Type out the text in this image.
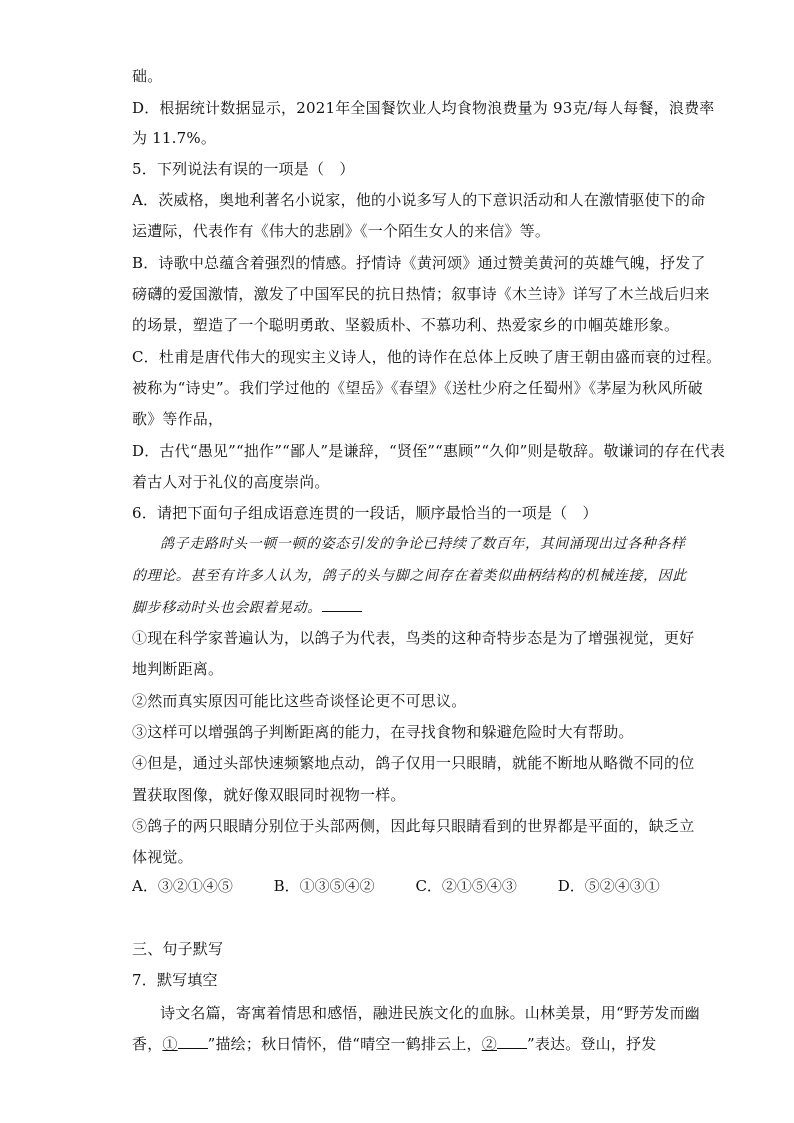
础。
D．根据统计数据显示，2021年全国餐饮业人均食物浪费量为 93克/每人每餐，浪费率
为 11.7%。
5．下列说法有误的一项是（　）
A．茨威格，奥地利著名小说家，他的小说多写人的下意识活动和人在激情驱使下的命
运遭际，代表作有《伟大的悲剧》《一个陌生女人的来信》等。
B．诗歌中总蕴含着强烈的情感。抒情诗《黄河颂》通过赞美黄河的英雄气魄，抒发了
磅礴的爱国激情，激发了中国军民的抗日热情；叙事诗《木兰诗》详写了木兰战后归来
的场景，塑造了一个聪明勇敢、坚毅质朴、不慕功利、热爱家乡的巾帼英雄形象。
C．杜甫是唐代伟大的现实主义诗人，他的诗作在总体上反映了唐王朝由盛而衰的过程。
被称为“诗史”。我们学过他的《望岳》《春望》《送杜少府之任蜀州》《茅屋为秋风所破
歌》等作品，
D．古代“愚见”“拙作”“鄙人”是谦辞，“贤侄”“惠顾”“久仰”则是敬辞。敬谦词的存在代表
着古人对于礼仪的高度崇尚。
6．请把下面句子组成语意连贯的一段话，顺序最恰当的一项是（　）
鸽子走路时头一顿一顿的姿态引发的争论已持续了数百年，其间涌现出过各种各样
的理论。甚至有许多人认为，鸽子的头与脚之间存在着类似曲柄结构的机械连接，因此
脚步移动时头也会跟着晃动。
①现在科学家普遍认为，以鸽子为代表，鸟类的这种奇特步态是为了增强视觉，更好
地判断距离。
②然而真实原因可能比这些奇谈怪论更不可思议。
③这样可以增强鸽子判断距离的能力，在寻找食物和躲避危险时大有帮助。
④但是，通过头部快速频繁地点动，鸽子仅用一只眼睛，就能不断地从略微不同的位
置获取图像，就好像双眼同时视物一样。
⑤鸽子的两只眼睛分别位于头部两侧，因此每只眼睛看到的世界都是平面的，缺乏立
体视觉。
A．③②①④⑤	B．①③⑤④②	C．②①⑤④③	D．⑤②④③①
三、句子默写
7．默写填空
诗文名篇，寄寓着情思和感悟，融进民族文化的血脉。山林美景，用“野芳发而幽
香，① ”描绘；秋日情怀，借“晴空一鹤排云上，② ”表达。登山，抒发
